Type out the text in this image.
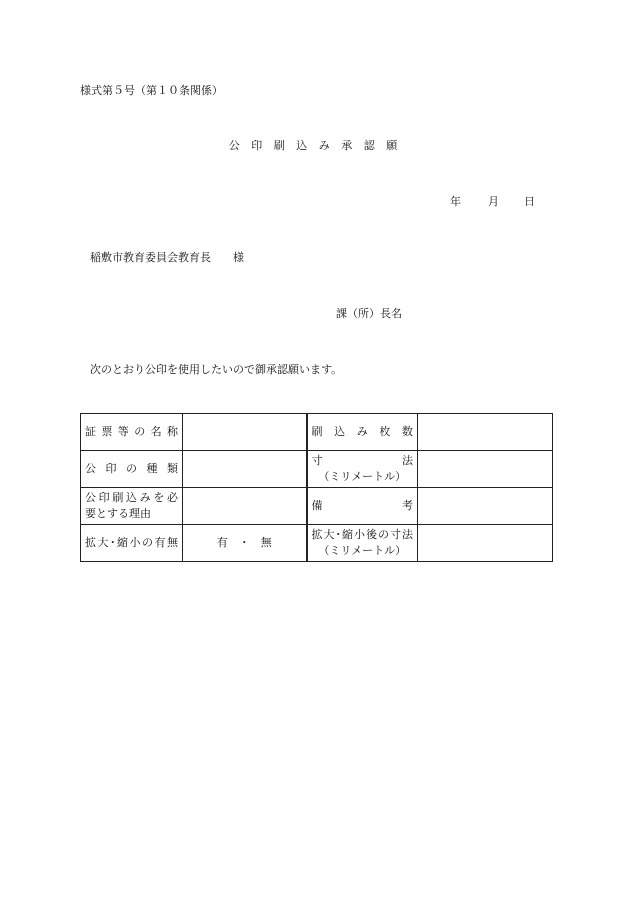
様式第５号（第１０条関係）
公 印 刷 込 み 承 認 願
年	月	日
稲敷市教育委員会教育長 様
課（所）長名
次のとおり公印を使用したいので御承認願います。
証票等の名称		刷込み枚数	

公印の種類		寸　　　法
（ミリメートル）	

公印刷込みを必
要とする理由		備　　　考	

拡大･縮小の有無	有　・　無	拡大･縮小後の寸法
（ミリメートル）	
